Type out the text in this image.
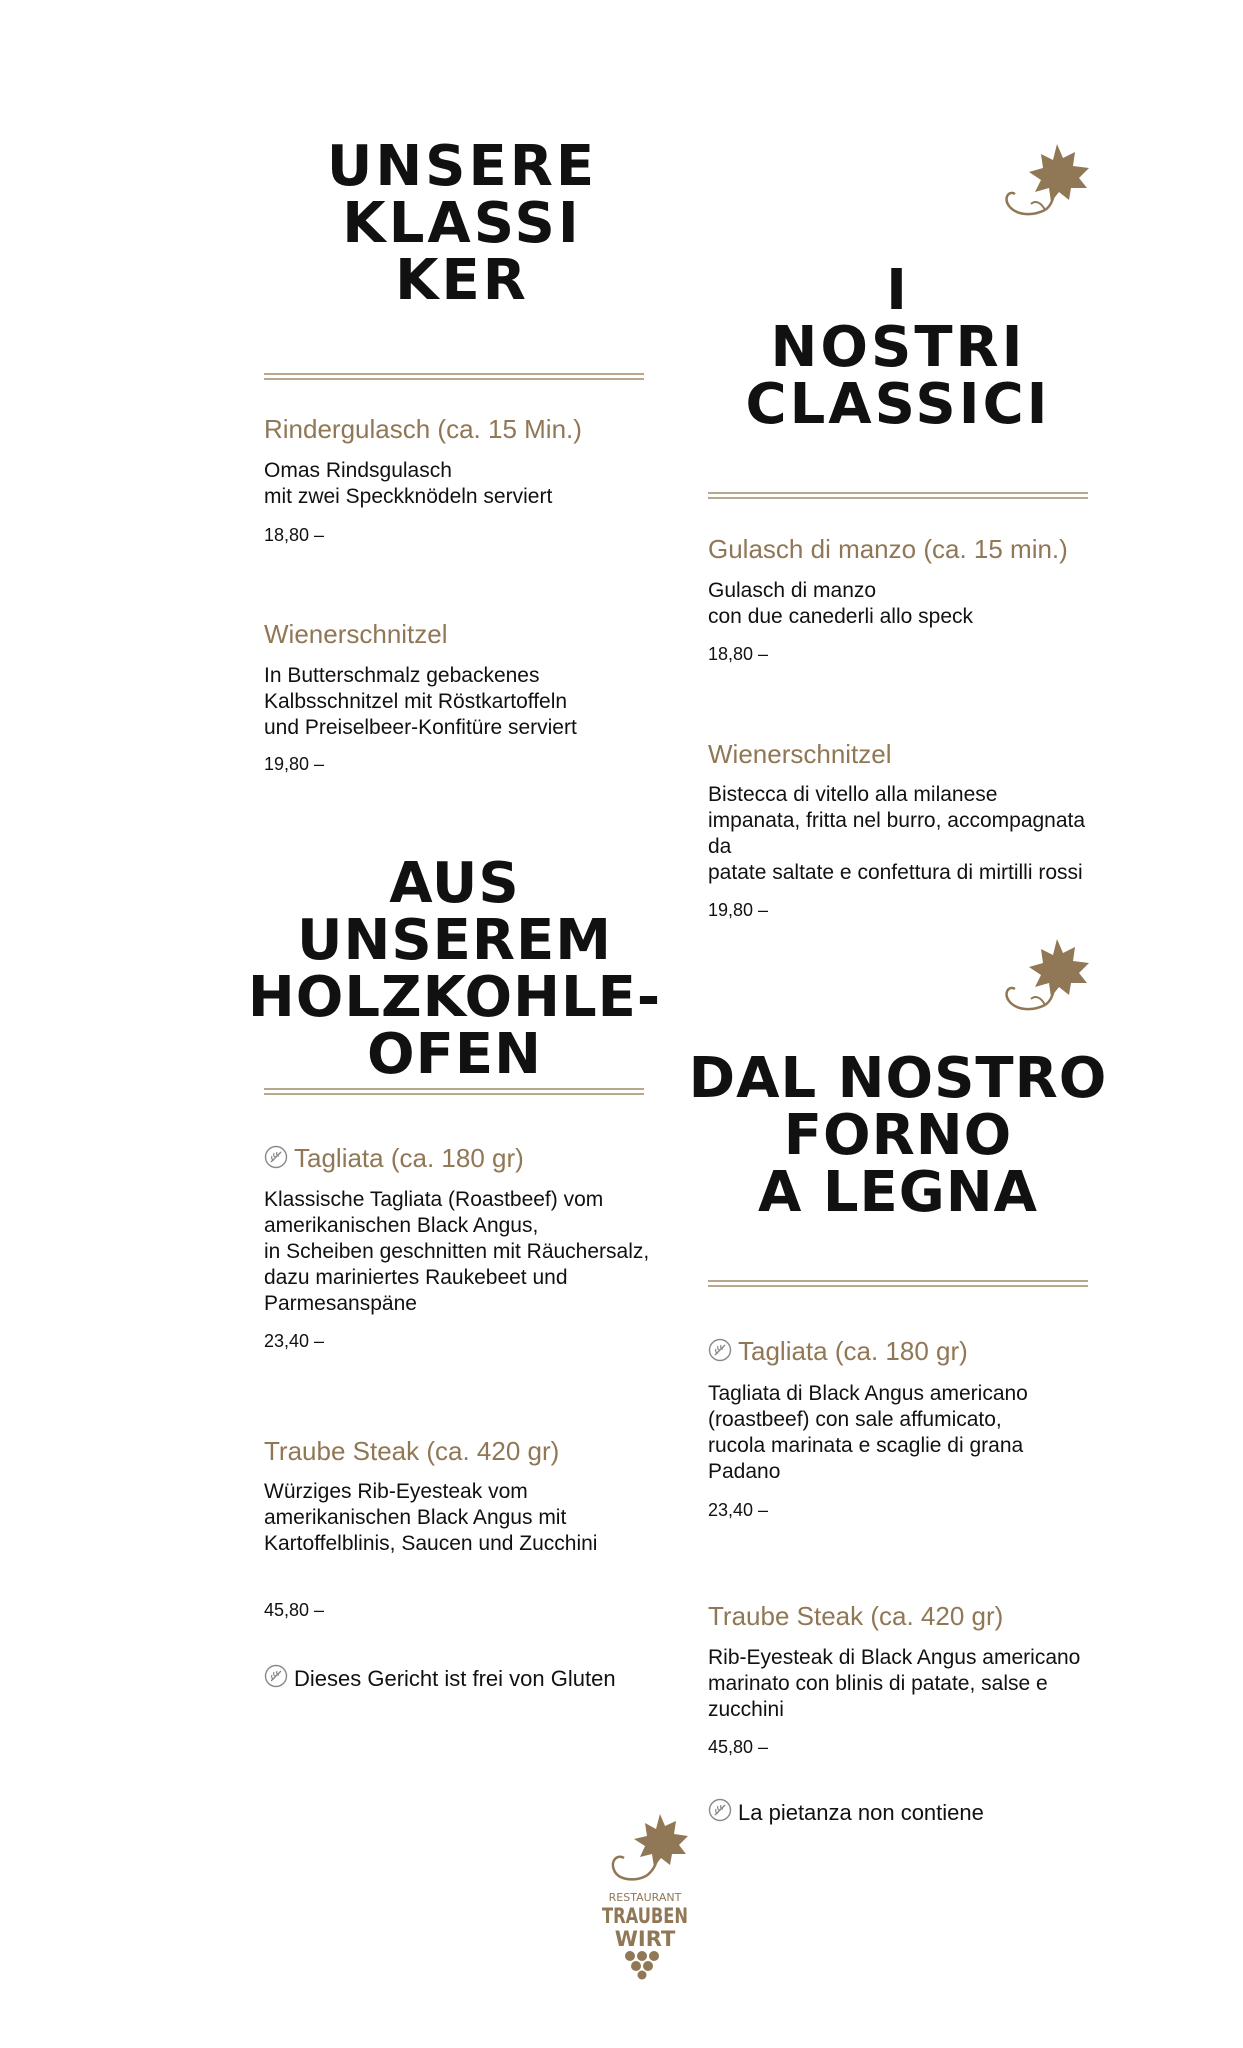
UNSERE
KLASSI
KER

Rindergulasch (ca. 15 Min.)

Omas Rindsgulasch
mit zwei Speckknödeln serviert

18,80 –

Wienerschnitzel

In Butterschmalz gebackenes
Kalbsschnitzel mit Röstkartoffeln
und Preiselbeer-Konfitüre serviert

19,80 –

AUS UNSEREM
HOLZKOHLE-
OFEN

Tagliata (ca. 180 gr)

Klassische Tagliata (Roastbeef) vom
amerikanischen Black Angus,
in Scheiben geschnitten mit Räuchersalz,
dazu mariniertes Raukebeet und
Parmesanspäne

23,40 –

Traube Steak (ca. 420 gr)

Würziges Rib-Eyesteak vom
amerikanischen Black Angus mit
Kartoffelblinis, Saucen und Zucchini

45,80 –

Dieses Gericht ist frei von Gluten

I
NOSTRI
CLASSICI

Gulasch di manzo (ca. 15 min.)

Gulasch di manzo
con due canederli allo speck

18,80 –

Wienerschnitzel

Bistecca di vitello alla milanese
impanata, fritta nel burro, accompagnata
da
patate saltate e confettura di mirtilli rossi

19,80 –

DAL NOSTRO
FORNO
A LEGNA

Tagliata (ca. 180 gr)

Tagliata di Black Angus americano
(roastbeef) con sale affumicato,
rucola marinata e scaglie di grana
Padano

23,40 –

Traube Steak (ca. 420 gr)

Rib-Eyesteak di Black Angus americano
marinato con blinis di patate, salse e
zucchini

45,80 –

La pietanza non contiene

RESTAURANT
TRAUBEN
WIRT
